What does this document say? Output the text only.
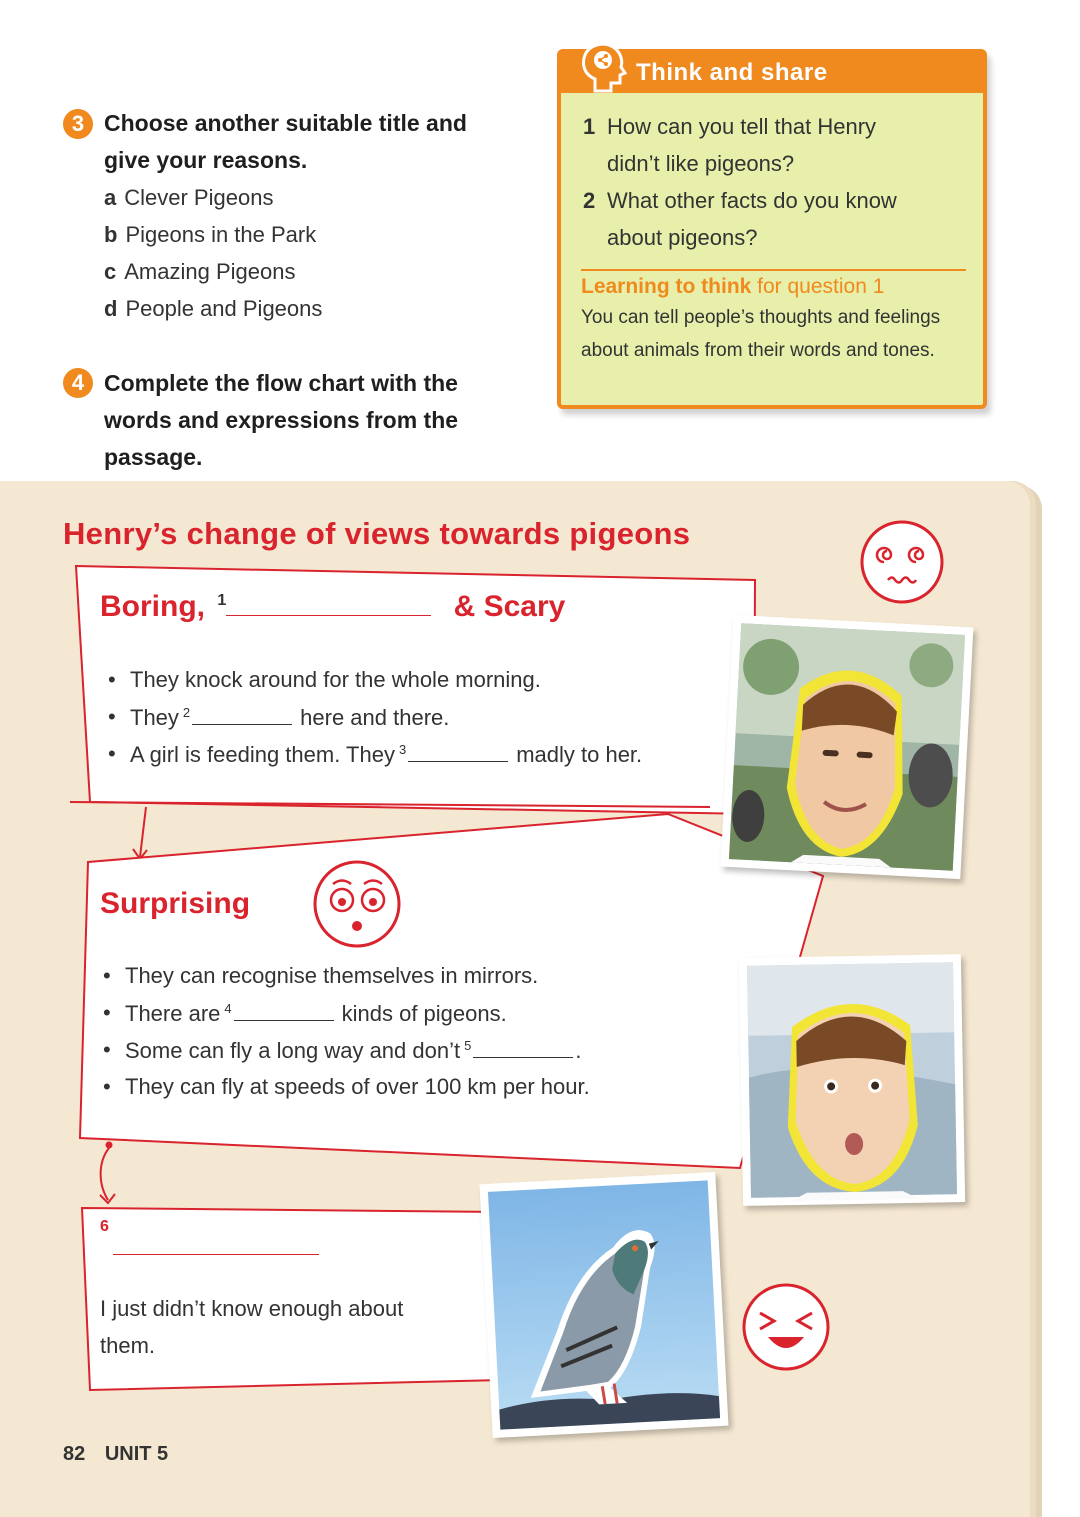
3 Choose another suitable title and
give your reasons.
a Clever Pigeons
b Pigeons in the Park
c Amazing Pigeons
d People and Pigeons
4 Complete the flow chart with the
words and expressions from the
passage.
Think and share
1 How can you tell that Henry
didn’t like pigeons?
2 What other facts do you know
about pigeons?
Learning to think for question 1
You can tell people’s thoughts and feelings about animals from their words and tones.
Henry’s change of views towards pigeons
Boring, $^1$	& Scary
• They knock around for the whole morning.
• They $^2$	here and there.
• A girl is feeding them. They $^3$	madly to her.
Surprising
• They can recognise themselves in mirrors.
• There are $^4$	kinds of pigeons.
• Some can fly a long way and don’t $^5$	.
• They can fly at speeds of over 100 km per hour.
6
I just didn’t know enough about
them.
82 UNIT 5
